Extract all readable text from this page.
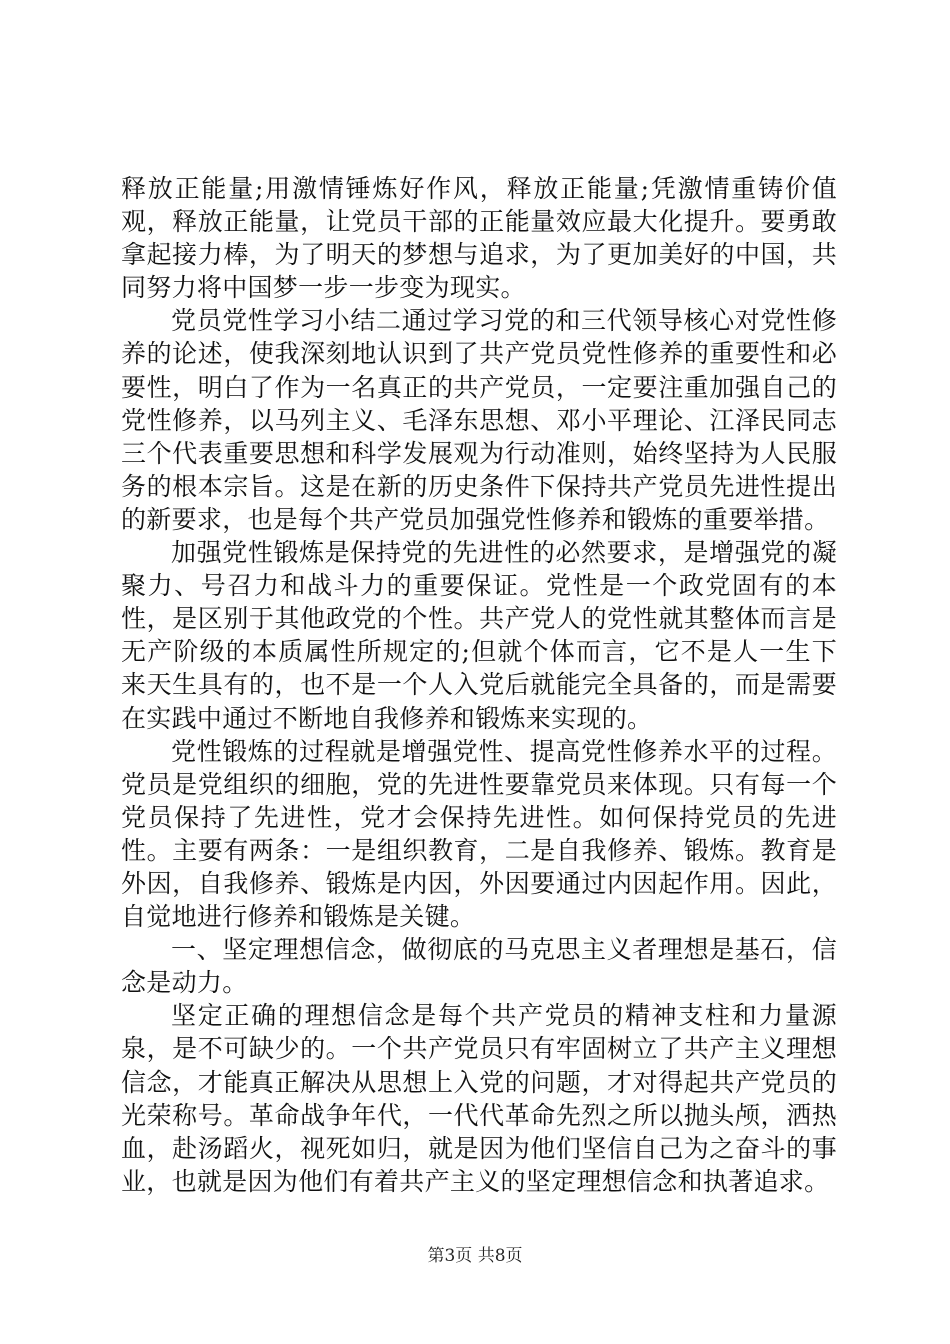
释放正能量;用激情锤炼好作风，释放正能量;凭激情重铸价值观，释放正能量，让党员干部的正能量效应最大化提升。要勇敢拿起接力棒，为了明天的梦想与追求，为了更加美好的中国，共同努力将中国梦一步一步变为现实。

党员党性学习小结二通过学习党的和三代领导核心对党性修养的论述，使我深刻地认识到了共产党员党性修养的重要性和必要性，明白了作为一名真正的共产党员，一定要注重加强自己的党性修养，以马列主义、毛泽东思想、邓小平理论、江泽民同志三个代表重要思想和科学发展观为行动准则，始终坚持为人民服务的根本宗旨。这是在新的历史条件下保持共产党员先进性提出的新要求，也是每个共产党员加强党性修养和锻炼的重要举措。

加强党性锻炼是保持党的先进性的必然要求，是增强党的凝聚力、号召力和战斗力的重要保证。党性是一个政党固有的本性，是区别于其他政党的个性。共产党人的党性就其整体而言是无产阶级的本质属性所规定的;但就个体而言，它不是人一生下来天生具有的，也不是一个人入党后就能完全具备的，而是需要在实践中通过不断地自我修养和锻炼来实现的。

党性锻炼的过程就是增强党性、提高党性修养水平的过程。党员是党组织的细胞，党的先进性要靠党员来体现。只有每一个党员保持了先进性，党才会保持先进性。如何保持党员的先进性。主要有两条：一是组织教育，二是自我修养、锻炼。教育是外因，自我修养、锻炼是内因，外因要通过内因起作用。因此，自觉地进行修养和锻炼是关键。

一、坚定理想信念，做彻底的马克思主义者理想是基石，信念是动力。

坚定正确的理想信念是每个共产党员的精神支柱和力量源泉，是不可缺少的。一个共产党员只有牢固树立了共产主义理想信念，才能真正解决从思想上入党的问题，才对得起共产党员的光荣称号。革命战争年代，一代代革命先烈之所以抛头颅，洒热血，赴汤蹈火，视死如归，就是因为他们坚信自己为之奋斗的事业，也就是因为他们有着共产主义的坚定理想信念和执著追求。

第3页 共8页
